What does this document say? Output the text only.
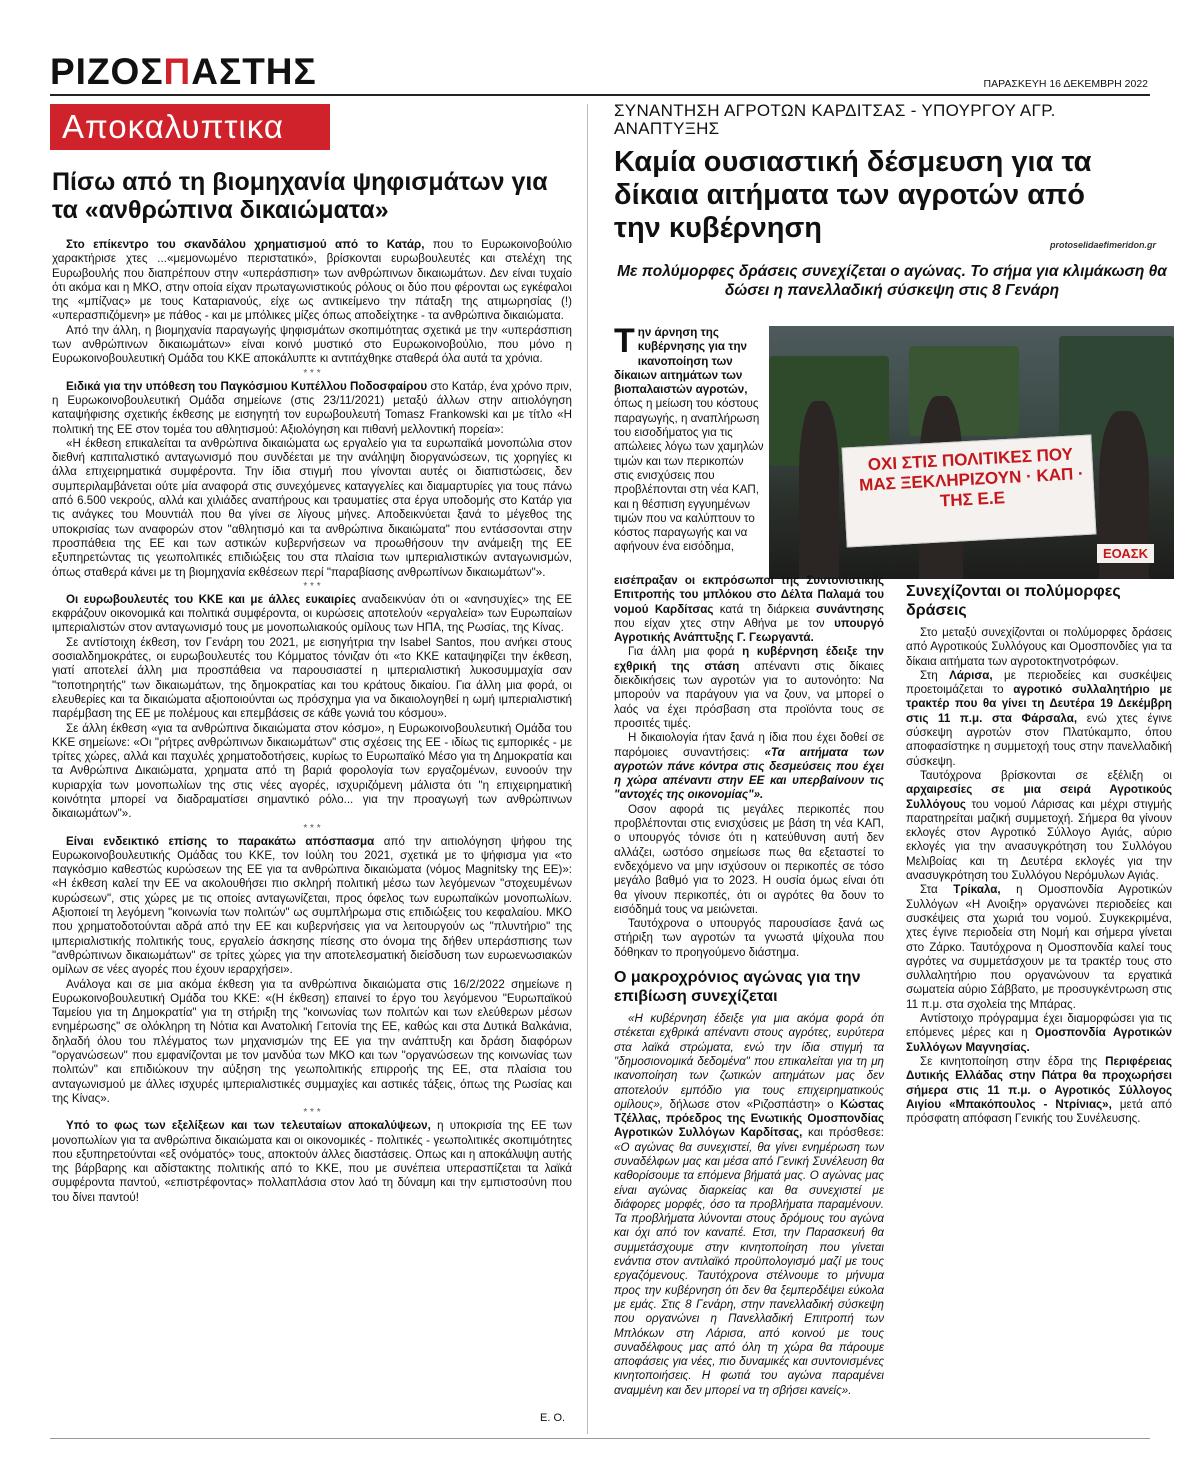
ΡΙΖΟΣΠΑΣΤΗΣ	ΠΑΡΑΣΚΕΥΗ 16 ΔΕΚΕΜΒΡΗ 2022
Αποκαλυπτικα
Πίσω από τη βιομηχανία ψηφισμάτων για τα «ανθρώπινα δικαιώματα»

Στο επίκεντρο του σκανδάλου χρηματισμού από το Κατάρ, που το Ευρωκοινοβούλιο χαρακτήρισε χτες ...«μεμονωμένο περιστατικό», βρίσκονται ευρωβουλευτές και στελέχη της Ευρωβουλής που διαπρέπουν στην «υπεράσπιση» των ανθρώπινων δικαιωμάτων. Δεν είναι τυχαίο ότι ακόμα και η ΜΚΟ, στην οποία είχαν πρωταγωνιστικούς ρόλους οι δύο που φέρονται ως εγκέφαλοι της «μπίζνας» με τους Καταριανούς, είχε ως αντικείμενο την πάταξη της ατιμωρησίας (!) «υπερασπιζόμενη» με πάθος - και με μπόλικες μίζες όπως αποδείχτηκε - τα ανθρώπινα δικαιώματα.

Από την άλλη, η βιομηχανία παραγωγής ψηφισμάτων σκοπιμότητας σχετικά με την «υπεράσπιση των ανθρώπινων δικαιωμάτων» είναι κοινό μυστικό στο Ευρωκοινοβούλιο, που μόνο η Ευρωκοινοβουλευτική Ομάδα του ΚΚΕ αποκάλυπτε κι αντιτάχθηκε σταθερά όλα αυτά τα χρόνια.

* * *

Ειδικά για την υπόθεση του Παγκόσμιου Κυπέλλου Ποδοσφαίρου στο Κατάρ, ένα χρόνο πριν, η Ευρωκοινοβουλευτική Ομάδα σημείωνε (στις 23/11/2021) μεταξύ άλλων στην αιτιολόγηση καταψήφισης σχετικής έκθεσης με εισηγητή τον ευρωβουλευτή Tomasz Frankowski και με τίτλο «Η πολιτική της ΕΕ στον τομέα του αθλητισμού: Αξιολόγηση και πιθανή μελλοντική πορεία»:

«Η έκθεση επικαλείται τα ανθρώπινα δικαιώματα ως εργαλείο για τα ευρωπαϊκά μονοπώλια στον διεθνή καπιταλιστικό ανταγωνισμό που συνδέεται με την ανάληψη διοργανώσεων, τις χορηγίες κι άλλα επιχειρηματικά συμφέροντα. Την ίδια στιγμή που γίνονται αυτές οι διαπιστώσεις, δεν συμπεριλαμβάνεται ούτε μία αναφορά στις συνεχόμενες καταγγελίες και διαμαρτυρίες για τους πάνω από 6.500 νεκρούς, αλλά και χιλιάδες αναπήρους και τραυματίες στα έργα υποδομής στο Κατάρ για τις ανάγκες του Μουντιάλ που θα γίνει σε λίγους μήνες. Αποδεικνύεται ξανά το μέγεθος της υποκρισίας των αναφορών στον "αθλητισμό και τα ανθρώπινα δικαιώματα" που εντάσσονται στην προσπάθεια της ΕΕ και των αστικών κυβερνήσεων να προωθήσουν την ανάμειξη της ΕΕ εξυπηρετώντας τις γεωπολιτικές επιδιώξεις του στα πλαίσια των ιμπεριαλιστικών ανταγωνισμών, όπως σταθερά κάνει με τη βιομηχανία εκθέσεων περί "παραβίασης ανθρωπίνων δικαιωμάτων"».

* * *

Οι ευρωβουλευτές του ΚΚΕ και με άλλες ευκαιρίες αναδεικνύαν ότι οι «ανησυχίες» της ΕΕ εκφράζουν οικονομικά και πολιτικά συμφέροντα, οι κυρώσεις αποτελούν «εργαλεία» των Ευρωπαίων ιμπεριαλιστών στον ανταγωνισμό τους με μονοπωλιακούς ομίλους των ΗΠΑ, της Ρωσίας, της Κίνας.

Σε αντίστοιχη έκθεση, τον Γενάρη του 2021, με εισηγήτρια την Isabel Santos, που ανήκει στους σοσιαλδημοκράτες, οι ευρωβουλευτές του Κόμματος τόνιζαν ότι «το ΚΚΕ καταψηφίζει την έκθεση, γιατί αποτελεί άλλη μια προσπάθεια να παρουσιαστεί η ιμπεριαλιστική λυκοσυμμαχία σαν "τοποτηρητής" των δικαιωμάτων, της δημοκρατίας και του κράτους δικαίου. Για άλλη μια φορά, οι ελευθερίες και τα δικαιώματα αξιοποιούνται ως πρόσχημα για να δικαιολογηθεί η ωμή ιμπεριαλιστική παρέμβαση της ΕΕ με πολέμους και επεμβάσεις σε κάθε γωνιά του κόσμου».

Σε άλλη έκθεση «για τα ανθρώπινα δικαιώματα στον κόσμο», η Ευρωκοινοβουλευτική Ομάδα του ΚΚΕ σημείωνε: «Οι "ρήτρες ανθρώπινων δικαιωμάτων" στις σχέσεις της ΕΕ - ιδίως τις εμπορικές - με τρίτες χώρες, αλλά και παχυλές χρηματοδοτήσεις, κυρίως το Ευρωπαϊκό Μέσο για τη Δημοκρατία και τα Ανθρώπινα Δικαιώματα, χρηματα από τη βαριά φορολογία των εργαζομένων, ευνοούν την κυριαρχία των μονοπωλίων της στις νέες αγορές, ισχυριζόμενη μάλιστα ότι "η επιχειρηματική κοινότητα μπορεί να διαδραματίσει σημαντικό ρόλο... για την προαγωγή των ανθρώπινων δικαιωμάτων"».

* * *

Είναι ενδεικτικό επίσης το παρακάτω απόσπασμα από την αιτιολόγηση ψήφου της Ευρωκοινοβουλευτικής Ομάδας του ΚΚΕ, τον Ιούλη του 2021, σχετικά με το ψήφισμα για «το παγκόσμιο καθεστώς κυρώσεων της ΕΕ για τα ανθρώπινα δικαιώματα (νόμος Magnitsky της ΕΕ)»: «Η έκθεση καλεί την ΕΕ να ακολουθήσει πιο σκληρή πολιτική μέσω των λεγόμενων "στοχευμένων κυρώσεων", στις χώρες με τις οποίες ανταγωνίζεται, προς όφελος των ευρωπαϊκών μονοπωλίων. Αξιοποιεί τη λεγόμενη "κοινωνία των πολιτών" ως συμπλήρωμα στις επιδιώξεις του κεφαλαίου. ΜΚΟ που χρηματοδοτούνται αδρά από την ΕΕ και κυβερνήσεις για να λειτουργούν ως "πλυντήριο" της ιμπεριαλιστικής πολιτικής τους, εργαλείο άσκησης πίεσης στο όνομα της δήθεν υπεράσπισης των "ανθρώπινων δικαιωμάτων" σε τρίτες χώρες για την αποτελεσματική διείσδυση των ευρωενωσιακών ομίλων σε νέες αγορές που έχουν ιεραρχήσει».

Ανάλογα και σε μια ακόμα έκθεση για τα ανθρώπινα δικαιώματα στις 16/2/2022 σημείωνε η Ευρωκοινοβουλευτική Ομάδα του ΚΚΕ: «(Η έκθεση) επαινεί το έργο του λεγόμενου "Ευρωπαϊκού Ταμείου για τη Δημοκρατία" για τη στήριξη της "κοινωνίας των πολιτών και των ελεύθερων μέσων ενημέρωσης" σε ολόκληρη τη Νότια και Ανατολική Γειτονία της ΕΕ, καθώς και στα Δυτικά Βαλκάνια, δηλαδή όλου του πλέγματος των μηχανισμών της ΕΕ για την ανάπτυξη και δράση διαφόρων "οργανώσεων" που εμφανίζονται με τον μανδύα των ΜΚΟ και των "οργανώσεων της κοινωνίας των πολιτών" και επιδιώκουν την αύξηση της γεωπολιτικής επιρροής της ΕΕ, στα πλαίσια του ανταγωνισμού με άλλες ισχυρές ιμπεριαλιστικές συμμαχίες και αστικές τάξεις, όπως της Ρωσίας και της Κίνας».

* * *

Υπό το φως των εξελίξεων και των τελευταίων αποκαλύψεων, η υποκρισία της ΕΕ των μονοπωλίων για τα ανθρώπινα δικαιώματα και οι οικονομικές - πολιτικές - γεωπολιτικές σκοπιμότητες που εξυπηρετούνται «εξ ονόματός» τους, αποκτούν άλλες διαστάσεις. Οπως και η αποκάλυψη αυτής της βάρβαρης και αδίστακτης πολιτικής από το ΚΚΕ, που με συνέπεια υπερασπίζεται τα λαϊκά συμφέροντα παντού, «επιστρέφοντας» πολλαπλάσια στον λαό τη δύναμη και την εμπιστοσύνη που του δίνει παντού!

Ε. Ο.
ΣΥΝΑΝΤΗΣΗ ΑΓΡΟΤΩΝ ΚΑΡΔΙΤΣΑΣ - ΥΠΟΥΡΓΟΥ ΑΓΡ. ΑΝΑΠΤΥΞΗΣ
Καμία ουσιαστική δέσμευση για τα δίκαια αιτήματα των αγροτών από την κυβέρνηση
protoselidaefimeridon.gr
Με πολύμορφες δράσεις συνεχίζεται ο αγώνας. Το σήμα για κλιμάκωση θα δώσει η πανελλαδική σύσκεψη στις 8 Γενάρη
ΟΧΙ ΣΤΙΣ ΠΟΛΙΤΙΚΕΣ ΠΟΥ ΜΑΣ ΞΕΚΛΗΡΙΖΟΥΝ · ΚΑΠ · ΤΗΣ Ε.Ε
ΕΟΑΣΚ

Την άρνηση της κυβέρνησης για την ικανοποίηση των δίκαιων αιτημάτων των βιοπαλαιστών αγροτών, όπως η μείωση του κόστους παραγωγής, η αναπλήρωση του εισοδήματος για τις απώλειες λόγω των χαμηλών τιμών και των περικοπών στις ενισχύσεις που προβλέπονται στη νέα ΚΑΠ, και η θέσπιση εγγυημένων τιμών που να καλύπτουν το κόστος παραγωγής και να αφήνουν ένα εισόδημα,

εισέπραξαν οι εκπρόσωποι της Συντονιστικής Επιτροπής του μπλόκου στο Δέλτα Παλαμά του νομού Καρδίτσας κατά τη διάρκεια συνάντησης που είχαν χτες στην Αθήνα με τον υπουργό Αγροτικής Ανάπτυξης Γ. Γεωργαντά.

Για άλλη μια φορά η κυβέρνηση έδειξε την εχθρική της στάση απέναντι στις δίκαιες διεκδικήσεις των αγροτών για το αυτονόητο: Να μπορούν να παράγουν για να ζουν, να μπορεί ο λαός να έχει πρόσβαση στα προϊόντα τους σε προσιτές τιμές.

Η δικαιολογία ήταν ξανά η ίδια που έχει δοθεί σε παρόμοιες συναντήσεις: «Τα αιτήματα των αγροτών πάνε κόντρα στις δεσμεύσεις που έχει η χώρα απέναντι στην ΕΕ και υπερβαίνουν τις "αντοχές της οικονομίας"».

Οσον αφορά τις μεγάλες περικοπές που προβλέπονται στις ενισχύσεις με βάση τη νέα ΚΑΠ, ο υπουργός τόνισε ότι η κατεύθυνση αυτή δεν αλλάζει, ωστόσο σημείωσε πως θα εξεταστεί το ενδεχόμενο να μην ισχύσουν οι περικοπές σε τόσο μεγάλο βαθμό για το 2023. Η ουσία όμως είναι ότι θα γίνουν περικοπές, ότι οι αγρότες θα δουν το εισόδημά τους να μειώνεται.

Ταυτόχρονα ο υπουργός παρουσίασε ξανά ως στήριξη των αγροτών τα γνωστά ψίχουλα που δόθηκαν το προηγούμενο διάστημα.

Ο μακροχρόνιος αγώνας για την επιβίωση συνεχίζεται

«Η κυβέρνηση έδειξε για μια ακόμα φορά ότι στέκεται εχθρικά απέναντι στους αγρότες, ευρύτερα στα λαϊκά στρώματα, ενώ την ίδια στιγμή τα "δημοσιονομικά δεδομένα" που επικαλείται για τη μη ικανοποίηση των ζωτικών αιτημάτων μας δεν αποτελούν εμπόδιο για τους επιχειρηματικούς ομίλους», δήλωσε στον «Ριζοσπάστη» ο Κώστας Τζέλλας, πρόεδρος της Ενωτικής Ομοσπονδίας Αγροτικών Συλλόγων Καρδίτσας, και πρόσθεσε: «Ο αγώνας θα συνεχιστεί, θα γίνει ενημέρωση των συναδέλφων μας και μέσα από Γενική Συνέλευση θα καθορίσουμε τα επόμενα βήματά μας. Ο αγώνας μας είναι αγώνας διαρκείας και θα συνεχιστεί με διάφορες μορφές, όσο τα προβλήματα παραμένουν. Τα προβλήματα λύνονται στους δρόμους του αγώνα και όχι από τον καναπέ. Ετσι, την Παρασκευή θα συμμετάσχουμε στην κινητοποίηση που γίνεται ενάντια στον αντιλαϊκό προϋπολογισμό μαζί με τους εργαζόμενους. Ταυτόχρονα στέλνουμε το μήνυμα προς την κυβέρνηση ότι δεν θα ξεμπερδέψει εύκολα με εμάς. Στις 8 Γενάρη, στην πανελλαδική σύσκεψη που οργανώνει η Πανελλαδική Επιτροπή των Μπλόκων στη Λάρισα, από κοινού με τους συναδέλφους μας από όλη τη χώρα θα πάρουμε αποφάσεις για νέες, πιο δυναμικές και συντονισμένες κινητοποιήσεις. Η φωτιά του αγώνα παραμένει αναμμένη και δεν μπορεί να τη σβήσει κανείς».

Συνεχίζονται οι πολύμορφες δράσεις

Στο μεταξύ συνεχίζονται οι πολύμορφες δράσεις από Αγροτικούς Συλλόγους και Ομοσπονδίες για τα δίκαια αιτήματα των αγροτοκτηνοτρόφων.

Στη Λάρισα, με περιοδείες και συσκέψεις προετοιμάζεται το αγροτικό συλλαλητήριο με τρακτέρ που θα γίνει τη Δευτέρα 19 Δεκέμβρη στις 11 π.μ. στα Φάρσαλα, ενώ χτες έγινε σύσκεψη αγροτών στον Πλατύκαμπο, όπου αποφασίστηκε η συμμετοχή τους στην πανελλαδική σύσκεψη.

Ταυτόχρονα βρίσκονται σε εξέλιξη οι αρχαιρεσίες σε μια σειρά Αγροτικούς Συλλόγους του νομού Λάρισας και μέχρι στιγμής παρατηρείται μαζική συμμετοχή. Σήμερα θα γίνουν εκλογές στον Αγροτικό Σύλλογο Αγιάς, αύριο εκλογές για την ανασυγκρότηση του Συλλόγου Μελιβοίας και τη Δευτέρα εκλογές για την ανασυγκρότηση του Συλλόγου Νερόμυλων Αγιάς.

Στα Τρίκαλα, η Ομοσπονδία Αγροτικών Συλλόγων «Η Ανοιξη» οργανώνει περιοδείες και συσκέψεις στα χωριά του νομού. Συγκεκριμένα, χτες έγινε περιοδεία στη Νομή και σήμερα γίνεται στο Ζάρκο. Ταυτόχρονα η Ομοσπονδία καλεί τους αγρότες να συμμετάσχουν με τα τρακτέρ τους στο συλλαλητήριο που οργανώνουν τα εργατικά σωματεία αύριο Σάββατο, με προσυγκέντρωση στις 11 π.μ. στα σχολεία της Μπάρας.

Αντίστοιχο πρόγραμμα έχει διαμορφώσει για τις επόμενες μέρες και η Ομοσπονδία Αγροτικών Συλλόγων Μαγνησίας.

Σε κινητοποίηση στην έδρα της Περιφέρειας Δυτικής Ελλάδας στην Πάτρα θα προχωρήσει σήμερα στις 11 π.μ. ο Αγροτικός Σύλλογος Αιγίου «Μπακόπουλος - Ντρίνιας», μετά από πρόσφατη απόφαση Γενικής του Συνέλευσης.
